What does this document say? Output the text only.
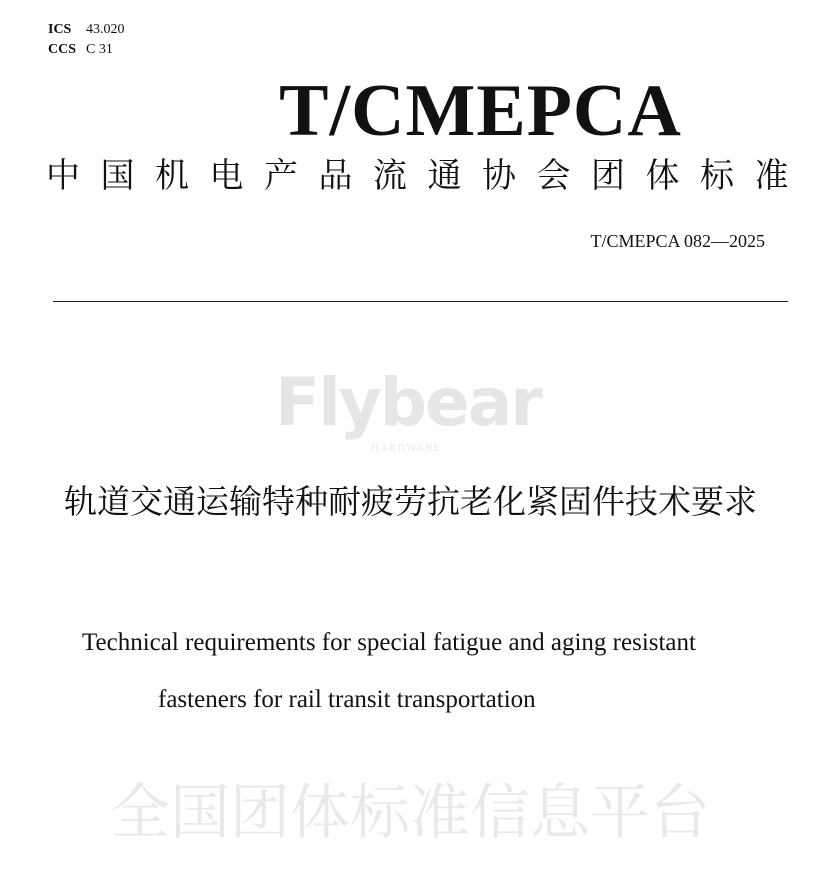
全国团体标准信息平台
Flybear
HARDWARE
ICS 43.020
CCS C 31
T/CMEPCA
中国机电产品流通协会团体标准
T/CMEPCA 082—2025
轨道交通运输特种耐疲劳抗老化紧固件技术要求
Technical requirements for special fatigue and aging resistant
fasteners for rail transit transportation
